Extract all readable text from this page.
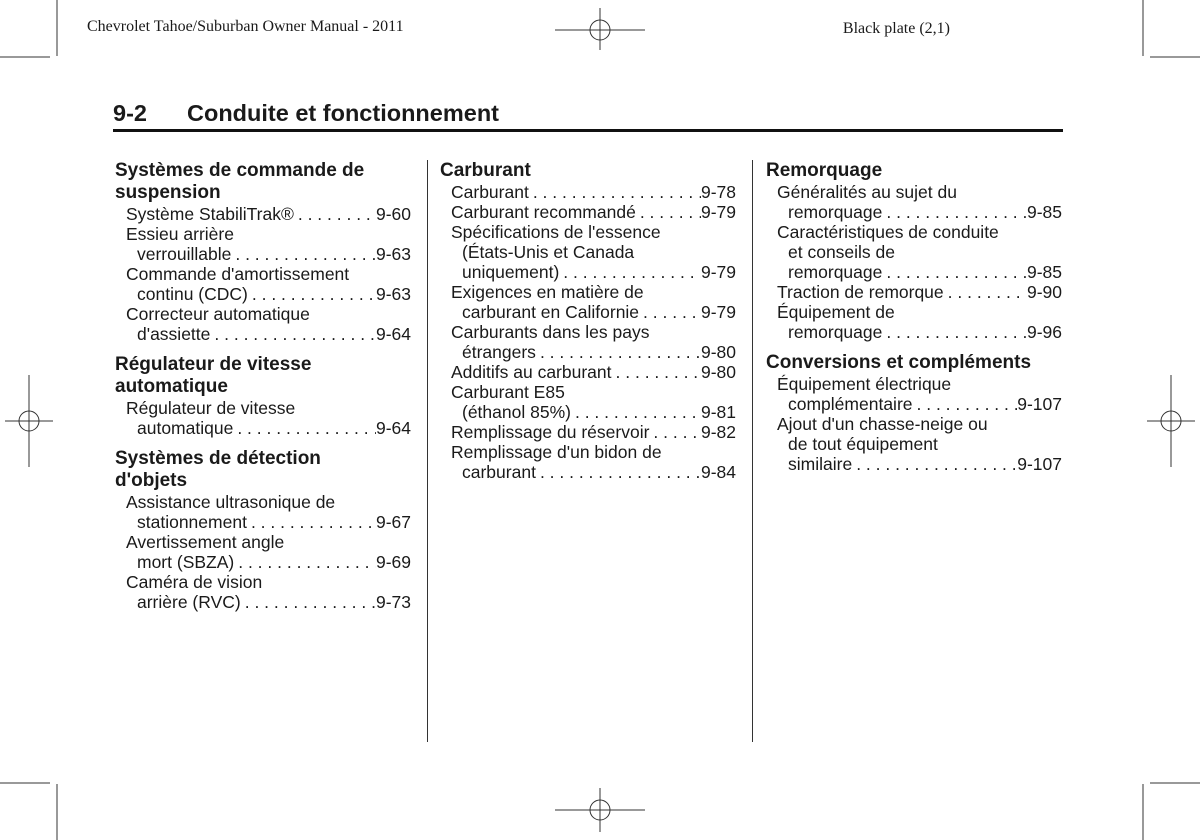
Chevrolet Tahoe/Suburban Owner Manual - 2011	Black plate (2,1)
9-2 Conduite et fonctionnement
Systèmes de commande de
suspension
Système StabiliTrak® . . .	9-60
Essieu arrière
verrouillable . . .	9-63
Commande d'amortissement
continu (CDC) . . .	9-63
Correcteur automatique
d'assiette . . .	9-64
Régulateur de vitesse
automatique
Régulateur de vitesse
automatique . . .	9-64
Systèmes de détection
d'objets
Assistance ultrasonique de
stationnement . . .	9-67
Avertissement angle
mort (SBZA) . . .	9-69
Caméra de vision
arrière (RVC) . . .	9-73
Carburant
Carburant . . .	9-78
Carburant recommandé . . .	9-79
Spécifications de l'essence
(États-Unis et Canada
uniquement) . . .	9-79
Exigences en matière de
carburant en Californie . . .	9-79
Carburants dans les pays
étrangers . . .	9-80
Additifs au carburant . . .	9-80
Carburant E85
(éthanol 85%) . . .	9-81
Remplissage du réservoir . . .	9-82
Remplissage d'un bidon de
carburant . . .	9-84
Remorquage
Généralités au sujet du
remorquage . . .	9-85
Caractéristiques de conduite
et conseils de
remorquage . . .	9-85
Traction de remorque . . .	9-90
Équipement de
remorquage . . .	9-96
Conversions et compléments
Équipement électrique
complémentaire . . .	9-107
Ajout d'un chasse-neige ou
de tout équipement
similaire . . .	9-107
